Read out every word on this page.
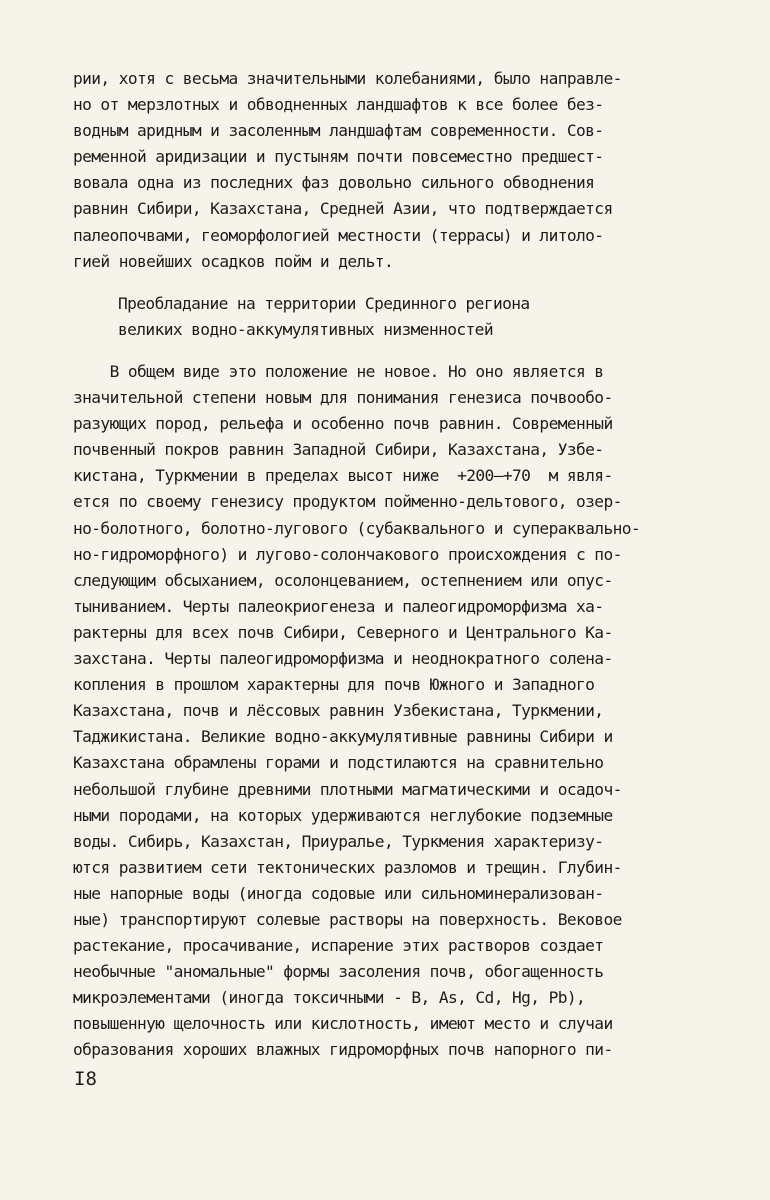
рии, хотя с весьма значительными колебаниями, было направле-
но от мерзлотных и обводненных ландшафтов к все более без-
водным аридным и засоленным ландшафтам современности. Сов-
ременной аридизации и пустыням почти повсеместно предшест-
вовала одна из последних фаз довольно сильного обводнения
равнин Сибири, Казахстана, Средней Азии, что подтверждается
палеопочвами, геоморфологией местности (террасы) и литоло-
гией новейших осадков пойм и дельт.
Преобладание на территории Срединного региона
великих водно-аккумулятивных низменностей
В общем виде это положение не новое. Но оно является в
значительной степени новым для понимания генезиса почвообо-
разующих пород, рельефа и особенно почв равнин. Современный
почвенный покров равнин Западной Сибири, Казахстана, Узбе-
кистана, Туркмении в пределах высот ниже  +200–+70  м явля-
ется по своему генезису продуктом пойменно-дельтового, озер-
но-болотного, болотно-лугового (субаквального и супераквально-
но-гидроморфного) и лугово-солончакового происхождения с по-
следующим обсыханием, осолонцеванием, остепнением или опус-
тыниванием. Черты палеокриогенеза и палеогидроморфизма ха-
рактерны для всех почв Сибири, Северного и Центрального Ка-
захстана. Черты палеогидроморфизма и неоднократного солена-
копления в прошлом характерны для почв Южного и Западного
Казахстана, почв и лёссовых равнин Узбекистана, Туркмении,
Таджикистана. Великие водно-аккумулятивные равнины Сибири и
Казахстана обрамлены горами и подстилаются на сравнительно
небольшой глубине древними плотными магматическими и осадоч-
ными породами, на которых удерживаются неглубокие подземные
воды. Сибирь, Казахстан, Приуралье, Туркмения характеризу-
ются развитием сети тектонических разломов и трещин. Глубин-
ные напорные воды (иногда содовые или сильноминерализован-
ные) транспортируют солевые растворы на поверхность. Вековое
растекание, просачивание, испарение этих растворов создает
необычные "аномальные" формы засоления почв, обогащенность
микроэлементами (иногда токсичными - B, As, Cd, Hg, Pb),
повышенную щелочность или кислотность, имеют место и случаи
образования хороших влажных гидроморфных почв напорного пи-
I8
